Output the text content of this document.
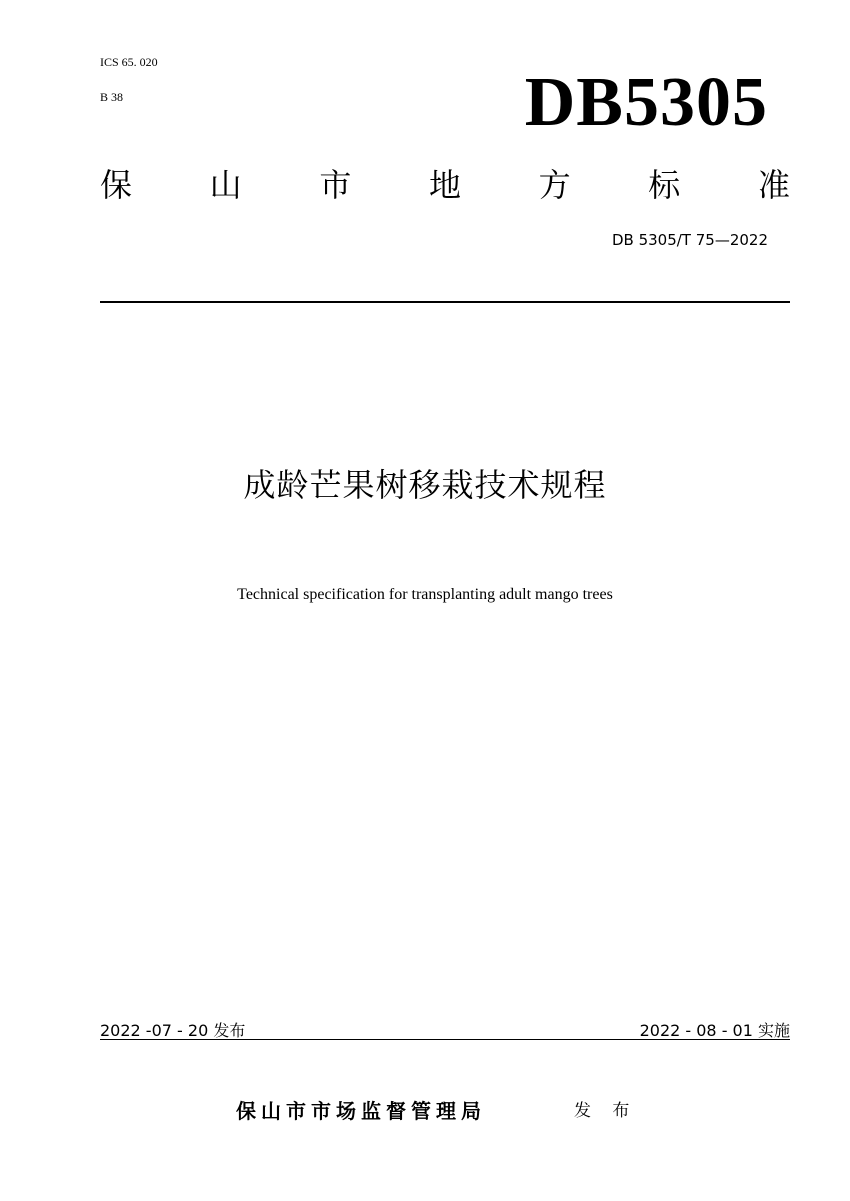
ICS 65. 020
B 38	DB5305
保 山 市 地 方 标 准
DB 5305/T 75—2022
成龄芒果树移栽技术规程
Technical specification for transplanting adult mango trees
2022 -07 - 20 发布	2022 - 08 - 01 实施
保山市市场监督管理局	发 布
